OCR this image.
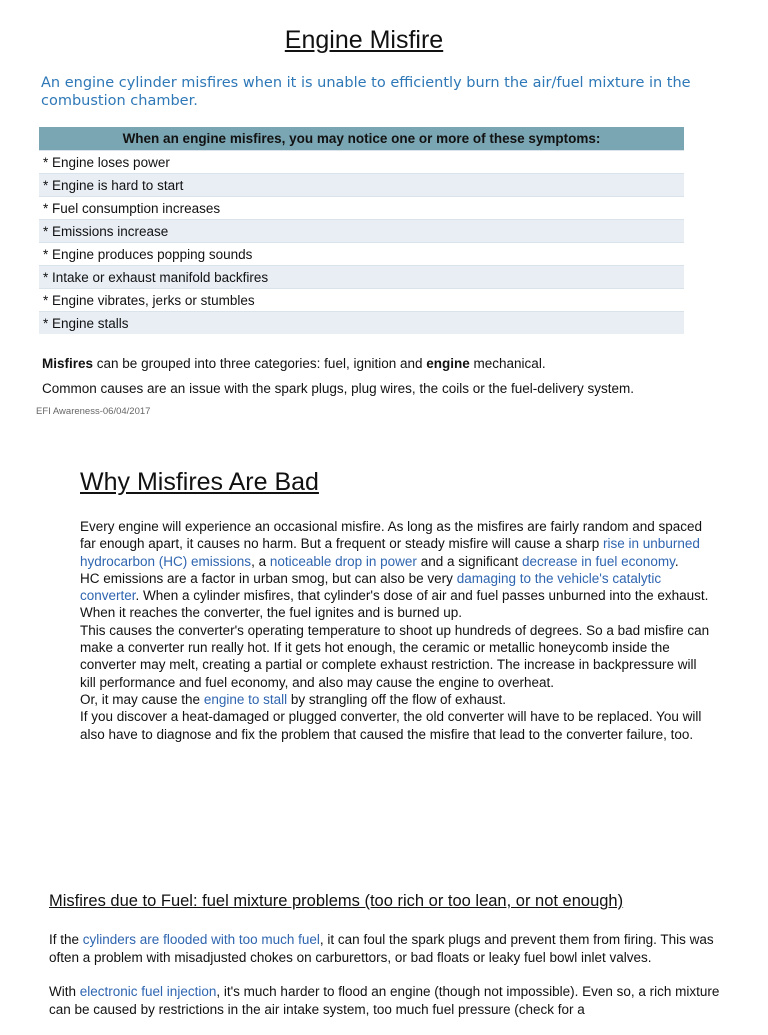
Engine Misfire
An engine cylinder misfires when it is unable to efficiently burn the air/fuel mixture in the combustion chamber.
When an engine misfires, you may notice one or more of these symptoms:
* Engine loses power
* Engine is hard to start
* Fuel consumption increases
* Emissions increase
* Engine produces popping sounds
* Intake or exhaust manifold backfires
* Engine vibrates, jerks or stumbles
* Engine stalls
Misfires can be grouped into three categories: fuel, ignition and engine mechanical.
Common causes are an issue with the spark plugs, plug wires, the coils or the fuel-delivery system.
EFI Awareness-06/04/2017
Why Misfires Are Bad
Every engine will experience an occasional misfire. As long as the misfires are fairly random and spaced far enough apart, it causes no harm. But a frequent or steady misfire will cause a sharp rise in unburned hydrocarbon (HC) emissions, a noticeable drop in power and a significant decrease in fuel economy.
HC emissions are a factor in urban smog, but can also be very damaging to the vehicle's catalytic converter. When a cylinder misfires, that cylinder's dose of air and fuel passes unburned into the exhaust. When it reaches the converter, the fuel ignites and is burned up.
This causes the converter's operating temperature to shoot up hundreds of degrees. So a bad misfire can make a converter run really hot. If it gets hot enough, the ceramic or metallic honeycomb inside the converter may melt, creating a partial or complete exhaust restriction. The increase in backpressure will kill performance and fuel economy, and also may cause the engine to overheat.
Or, it may cause the engine to stall by strangling off the flow of exhaust.
If you discover a heat-damaged or plugged converter, the old converter will have to be replaced. You will also have to diagnose and fix the problem that caused the misfire that lead to the converter failure, too.
Misfires due to Fuel: fuel mixture problems (too rich or too lean, or not enough)

If the cylinders are flooded with too much fuel, it can foul the spark plugs and prevent them from firing. This was often a problem with misadjusted chokes on carburettors, or bad floats or leaky fuel bowl inlet valves.

With electronic fuel injection, it's much harder to flood an engine (though not impossible). Even so, a rich mixture can be caused by restrictions in the air intake system, too much fuel pressure (check for a
